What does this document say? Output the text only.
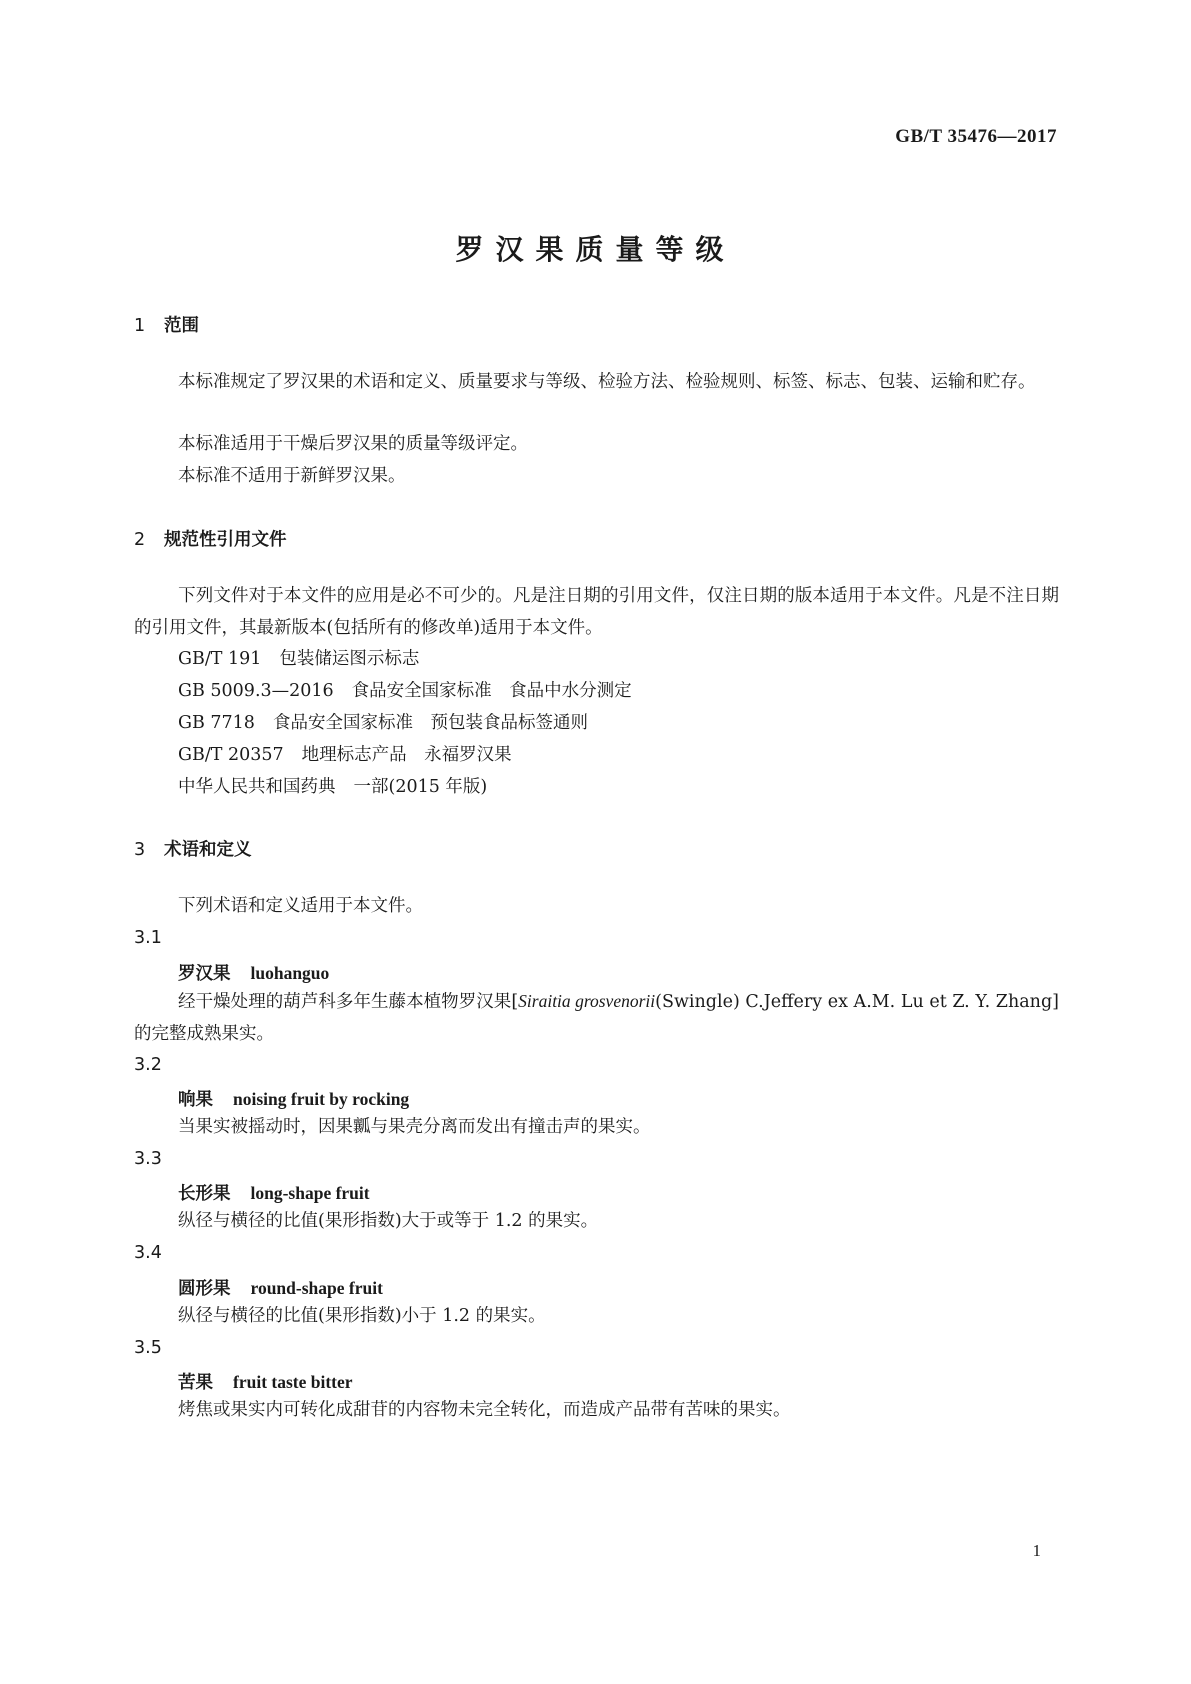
GB/T 35476—2017
罗汉果质量等级
1 范围
本标准规定了罗汉果的术语和定义、质量要求与等级、检验方法、检验规则、标签、标志、包装、运输和贮存。
本标准适用于干燥后罗汉果的质量等级评定。
本标准不适用于新鲜罗汉果。
2 规范性引用文件
下列文件对于本文件的应用是必不可少的。凡是注日期的引用文件，仅注日期的版本适用于本文件。凡是不注日期的引用文件，其最新版本(包括所有的修改单)适用于本文件。
GB/T 191 包装储运图示标志
GB 5009.3—2016 食品安全国家标准　食品中水分测定
GB 7718 食品安全国家标准　预包装食品标签通则
GB/T 20357 地理标志产品　永福罗汉果
中华人民共和国药典 一部(2015 年版)
3 术语和定义
下列术语和定义适用于本文件。
3.1
罗汉果 luohanguo
经干燥处理的葫芦科多年生藤本植物罗汉果[Siraitia grosvenorii(Swingle) C.Jeffery ex A.M. Lu et Z. Y. Zhang]的完整成熟果实。
3.2
响果 noising fruit by rocking
当果实被摇动时，因果瓤与果壳分离而发出有撞击声的果实。
3.3
长形果 long-shape fruit
纵径与横径的比值(果形指数)大于或等于 1.2 的果实。
3.4
圆形果 round-shape fruit
纵径与横径的比值(果形指数)小于 1.2 的果实。
3.5
苦果 fruit taste bitter
烤焦或果实内可转化成甜苷的内容物未完全转化，而造成产品带有苦味的果实。
1
